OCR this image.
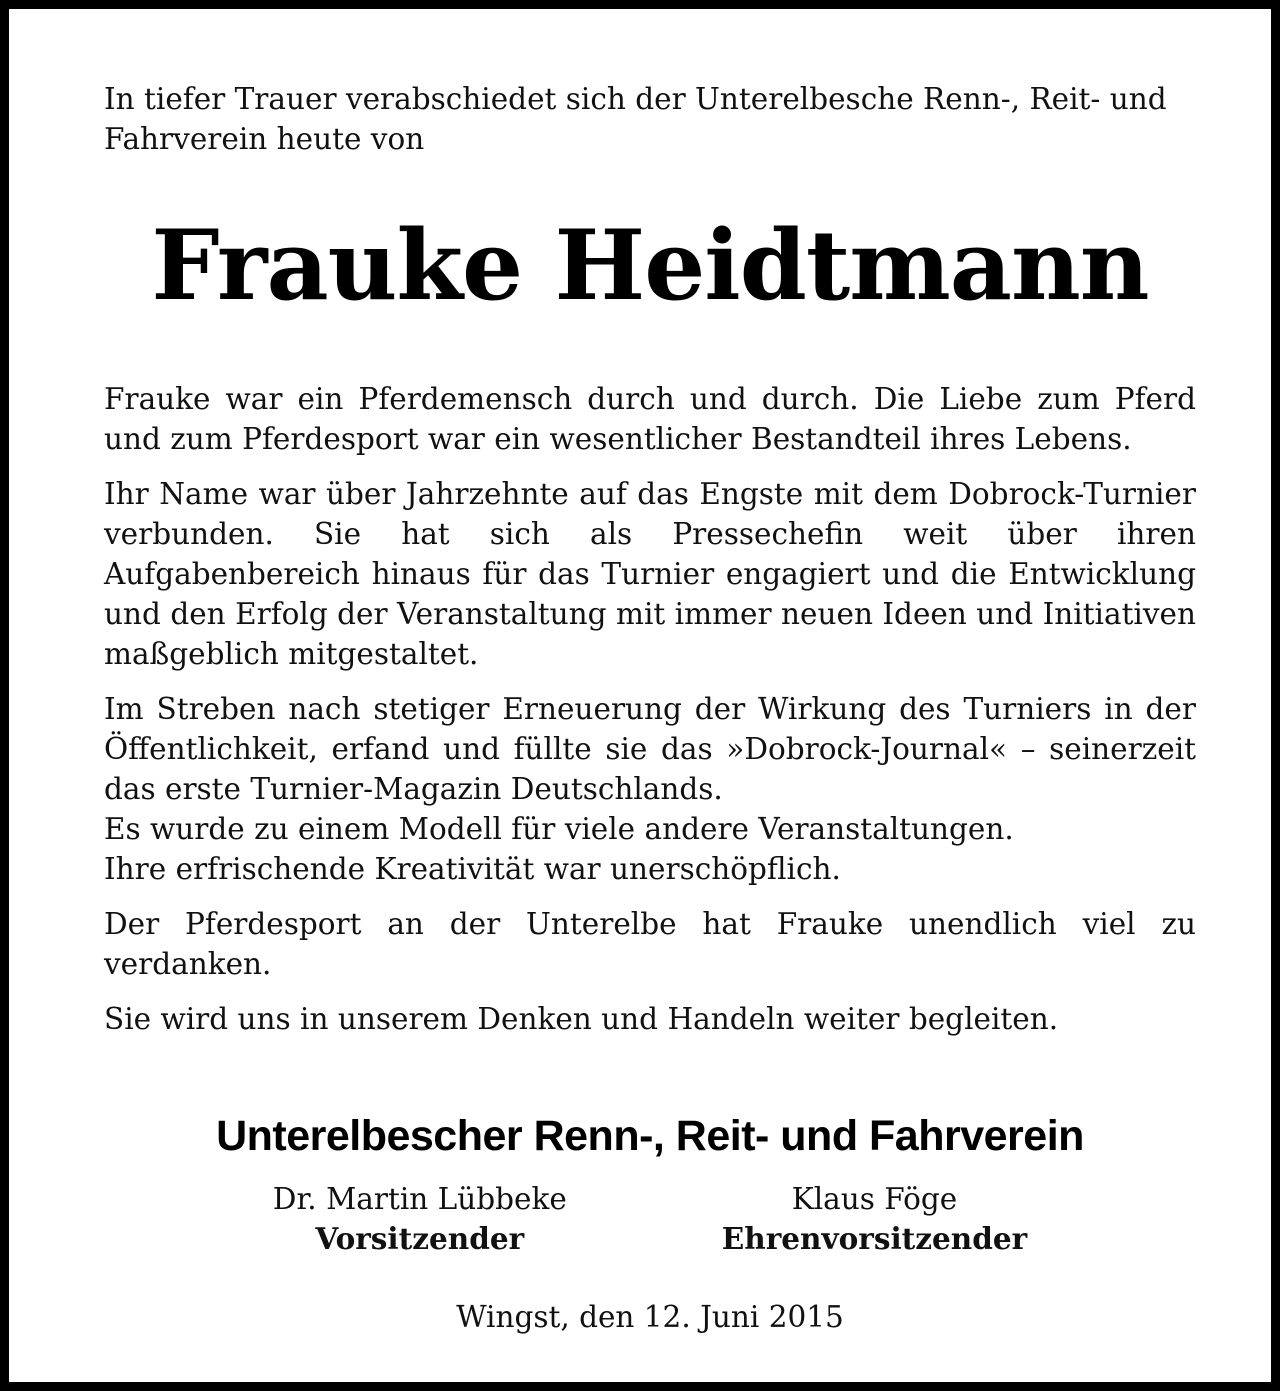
In tiefer Trauer verabschiedet sich der Unterelbesche Renn-, Reit- und Fahrverein heute von

Frauke Heidtmann

Frauke war ein Pferdemensch durch und durch. Die Liebe zum Pferd und zum Pferdesport war ein wesentlicher Bestandteil ihres Lebens.

Ihr Name war über Jahrzehnte auf das Engste mit dem Dobrock-Turnier verbunden. Sie hat sich als Pressechefin weit über ihren Aufgabenbereich hinaus für das Turnier engagiert und die Entwicklung und den Erfolg der Veranstaltung mit immer neuen Ideen und Initiativen maßgeblich mitgestaltet.

Im Streben nach stetiger Erneuerung der Wirkung des Turniers in der Öffentlichkeit, erfand und füllte sie das »Dobrock-Journal« – seinerzeit das erste Turnier-Magazin Deutschlands.

Es wurde zu einem Modell für viele andere Veranstaltungen.

Ihre erfrischende Kreativität war unerschöpflich.

Der Pferdesport an der Unterelbe hat Frauke unendlich viel zu verdanken.

Sie wird uns in unserem Denken und Handeln weiter begleiten.

Unterelbescher Renn-, Reit- und Fahrverein
Dr. Martin Lübbeke
Vorsitzender
Klaus Föge
Ehrenvorsitzender
Wingst, den 12. Juni 2015
